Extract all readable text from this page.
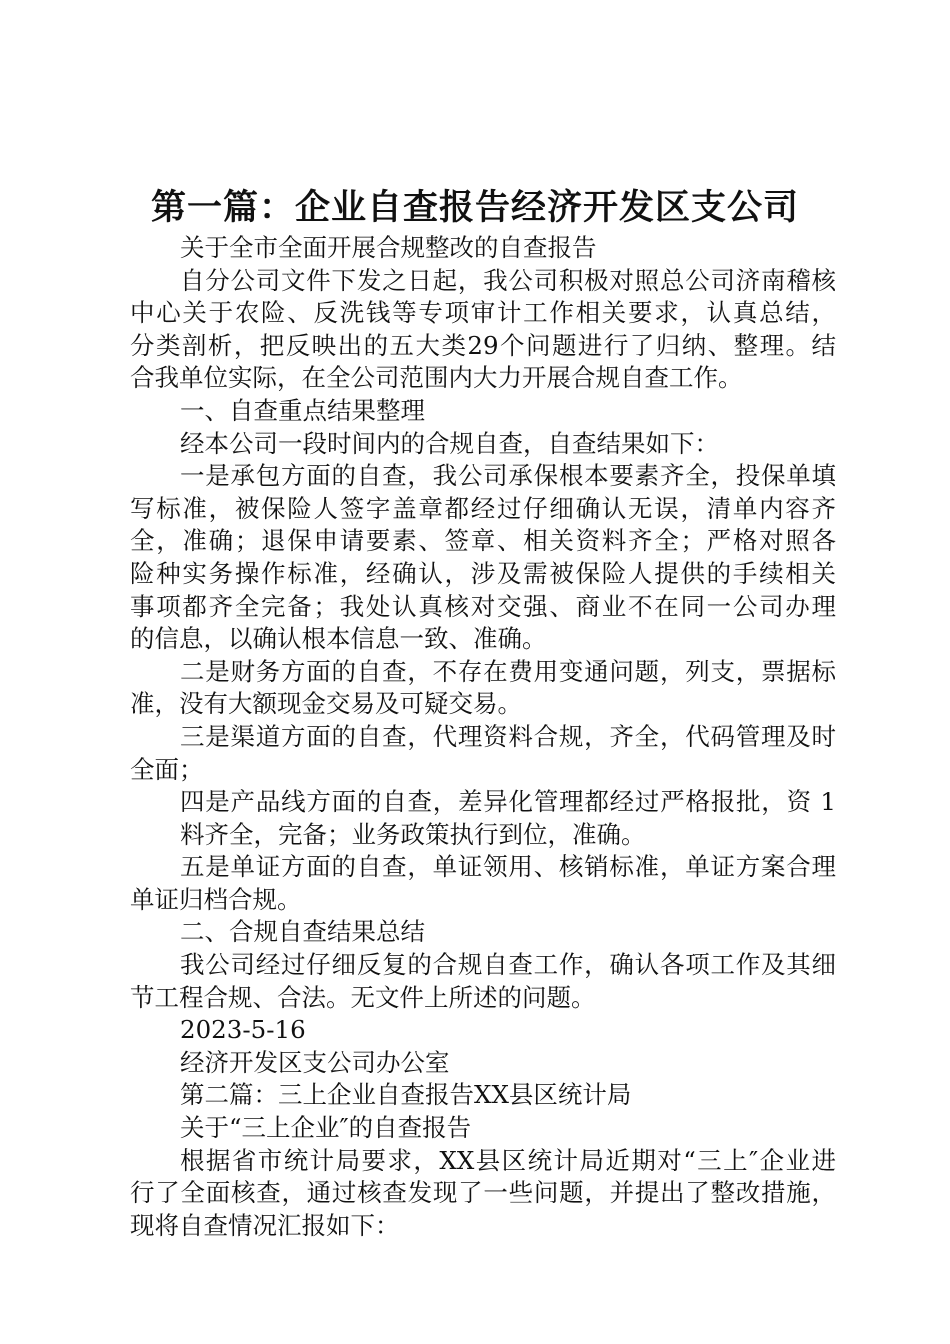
第一篇：企业自查报告经济开发区支公司
关于全市全面开展合规整改的自查报告
自分公司文件下发之日起，我公司积极对照总公司济南稽核
中心关于农险、反洗钱等专项审计工作相关要求，认真总结，
分类剖析，把反映出的五大类29个问题进行了归纳、整理。结
合我单位实际，在全公司范围内大力开展合规自查工作。
一、自查重点结果整理
经本公司一段时间内的合规自查，自查结果如下：
一是承包方面的自查，我公司承保根本要素齐全，投保单填
写标准，被保险人签字盖章都经过仔细确认无误，清单内容齐
全，准确；退保申请要素、签章、相关资料齐全；严格对照各
险种实务操作标准，经确认，涉及需被保险人提供的手续相关
事项都齐全完备；我处认真核对交强、商业不在同一公司办理
的信息，以确认根本信息一致、准确。
二是财务方面的自查，不存在费用变通问题，列支，票据标
准，没有大额现金交易及可疑交易。
三是渠道方面的自查，代理资料合规，齐全，代码管理及时
全面；
四是产品线方面的自查，差异化管理都经过严格报批，资 1
料齐全，完备；业务政策执行到位，准确。
五是单证方面的自查，单证领用、核销标准，单证方案合理
单证归档合规。
二、合规自查结果总结
我公司经过仔细反复的合规自查工作，确认各项工作及其细
节工程合规、合法。无文件上所述的问题。
2023-5-16
经济开发区支公司办公室
第二篇：三上企业自查报告XX县区统计局
关于“三上企业″的自查报告
根据省市统计局要求，XX县区统计局近期对“三上″企业进
行了全面核查，通过核查发现了一些问题，并提出了整改措施，
现将自查情况汇报如下：
